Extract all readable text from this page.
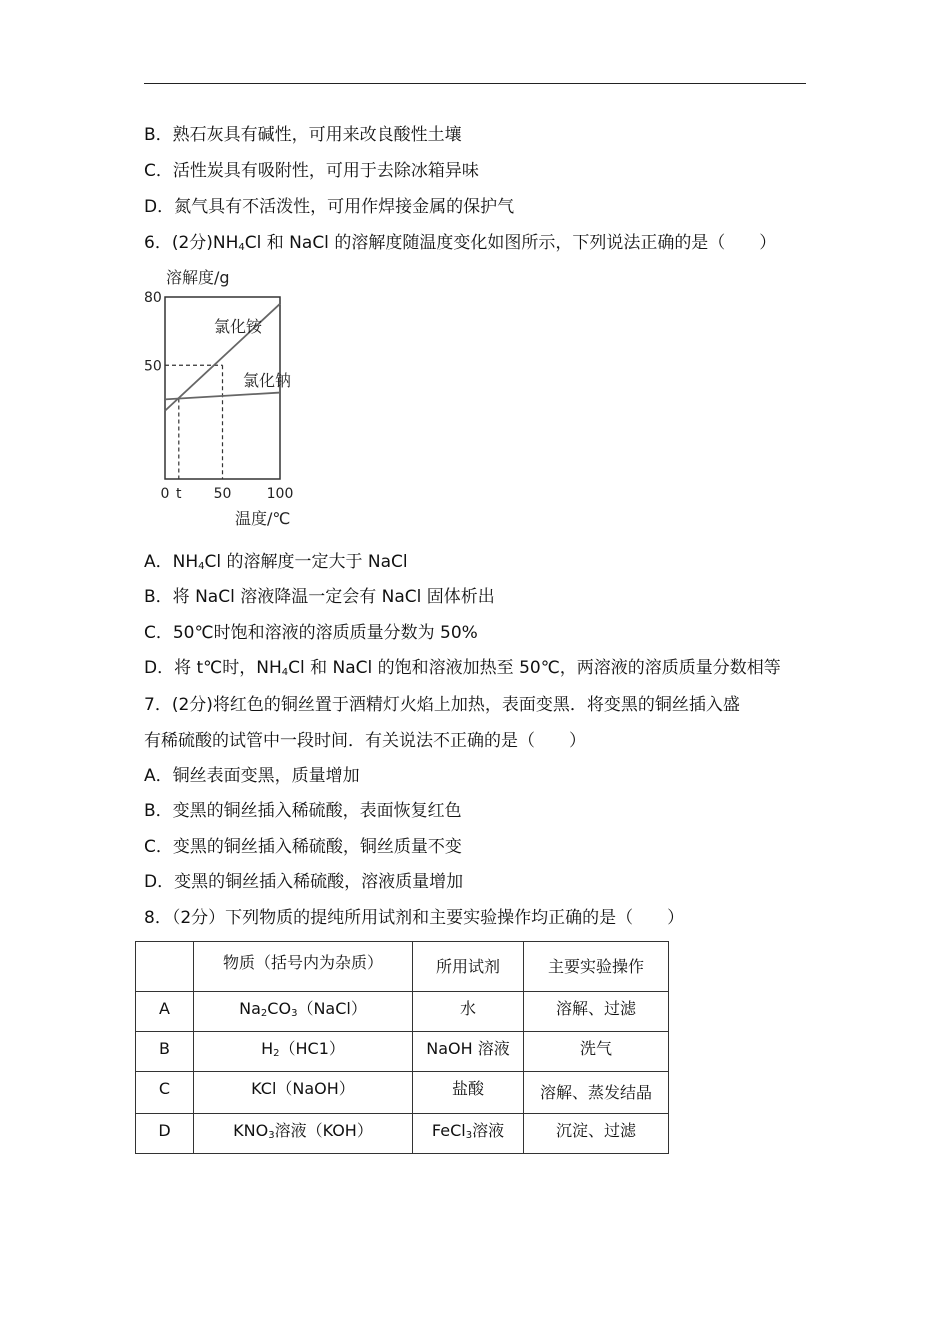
B．熟石灰具有碱性，可用来改良酸性土壤
C．活性炭具有吸附性，可用于去除冰箱异味
D．氮气具有不活泼性，可用作焊接金属的保护气
6．(2分)$NH_4Cl$ 和 NaCl 的溶解度随温度变化如图所示，下列说法正确的是（　　）
溶解度/g
80
50
0 t 50	100
氯化铵
氯化钠
温度/℃
A．$NH_4Cl$ 的溶解度一定大于 NaCl
B．将 NaCl 溶液降温一定会有 NaCl 固体析出
C．50℃时饱和溶液的溶质质量分数为 50%
D．将 t℃时，$NH_4Cl$ 和 NaCl 的饱和溶液加热至 50℃，两溶液的溶质质量分数相等
7．(2分)将红色的铜丝置于酒精灯火焰上加热，表面变黑．将变黑的铜丝插入盛
有稀硫酸的试管中一段时间．有关说法不正确的是（　　）
A．铜丝表面变黑，质量增加
B．变黑的铜丝插入稀硫酸，表面恢复红色
C．变黑的铜丝插入稀硫酸，铜丝质量不变
D．变黑的铜丝插入稀硫酸，溶液质量增加
8．（2分）下列物质的提纯所用试剂和主要实验操作均正确的是（　　）
	物质（括号内为杂质）	所用试剂	主要实验操作
A	$Na_2CO_3(NaCl)$	水	溶解、过滤
B	$H_2(HC1)$	NaOH 溶液	洗气
C	KCl（NaOH）	盐酸	溶解、蒸发结晶
D	$KNO_3$溶液（KOH）	FeCl$_3$溶液	沉淀、过滤
